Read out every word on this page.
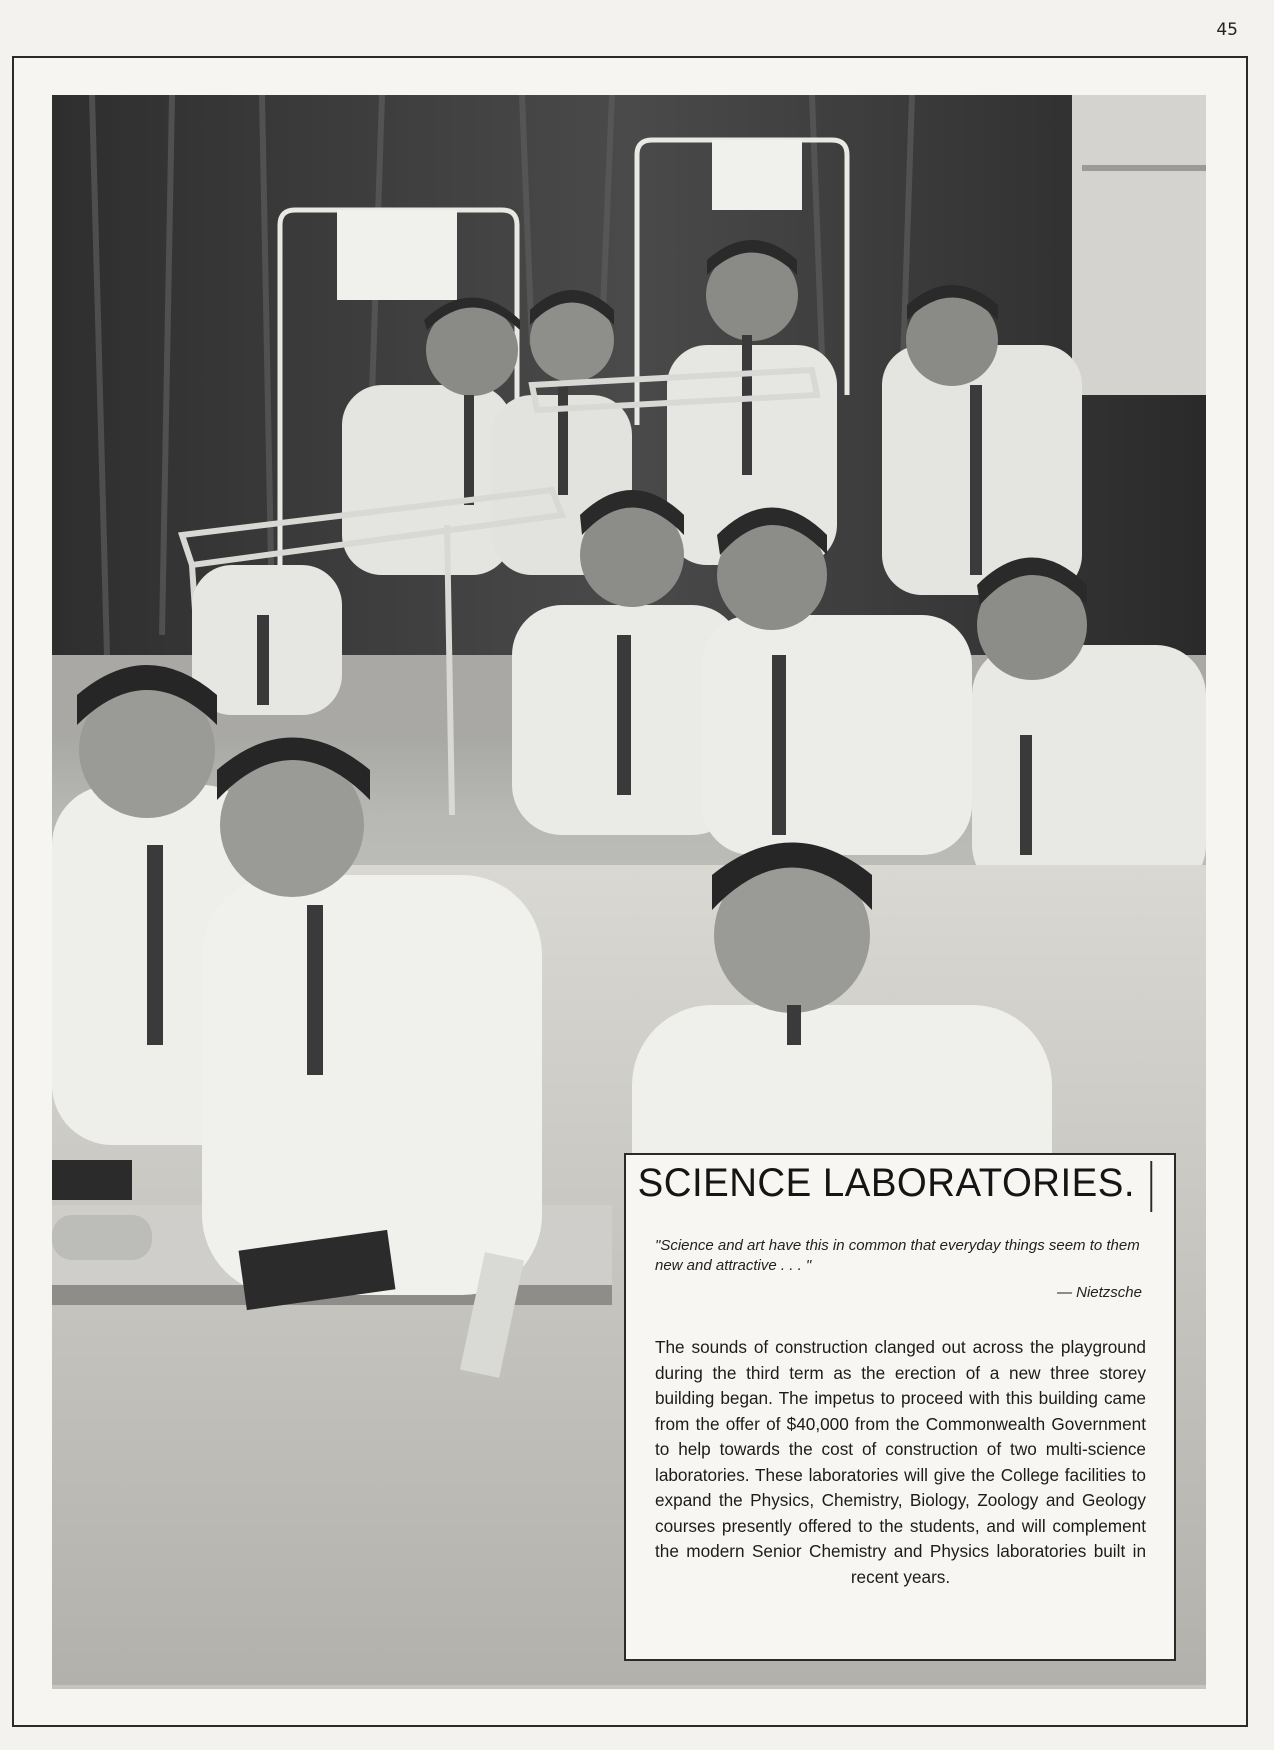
45
SCIENCE LABORATORIES.

"Science and art have this in common that everyday things seem to them new and attractive . . . "

— Nietzsche

The sounds of construction clanged out across the playground during the third term as the erection of a new three storey building began. The impetus to proceed with this building came from the offer of $40,000 from the Commonwealth Government to help towards the cost of construction of two multi-science laboratories. These laboratories will give the College facilities to expand the Physics, Chemistry, Biology, Zoology and Geology courses presently offered to the students, and will complement the modern Senior Chemistry and Physics laboratories built in recent years.
